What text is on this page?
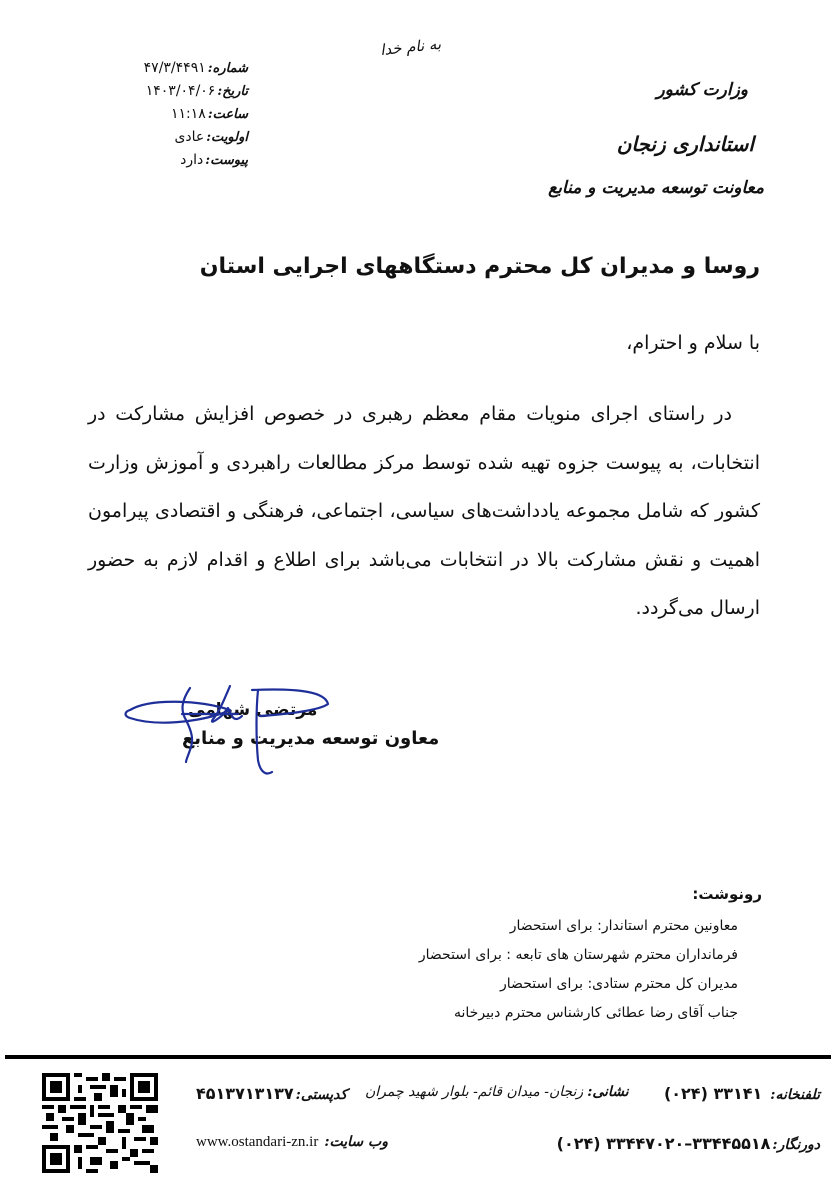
به نام خدا
وزارت کشور
استانداری زنجان
معاونت توسعه مدیریت و منابع
شماره:
۴۷/۳/۴۴۹۱
تاریخ:
۱۴۰۳/۰۴/۰۶
ساعت:
۱۱:۱۸
اولویت:
عادی
پیوست:
دارد
روسا و مدیران کل محترم دستگاههای اجرایی استان
با سلام و احترام،
در راستای اجرای منویات مقام معظم رهبری در خصوص افزایش مشارکت در انتخابات، به پیوست جزوه تهیه شده توسط مرکز مطالعات راهبردی و آموزش وزارت کشور که شامل مجموعه یادداشت‌های سیاسی، اجتماعی، فرهنگی و اقتصادی پیرامون اهمیت و نقش مشارکت بالا در انتخابات می‌باشد برای اطلاع و اقدام لازم به حضور ارسال می‌گردد.
مرتضی شهامی
معاون توسعه مدیریت و منابع
رونوشت:
معاونین محترم استاندار: برای استحضار
فرمانداران محترم شهرستان های تابعه : برای استحضار
مدیران کل محترم ستادی: برای استحضار
جناب آقای رضا عطائی کارشناس محترم دبیرخانه
تلفنخانه:
۳۳۱۴۱ (۰۲۴)
دورنگار:
۳۳۴۴۵۵۱۸–۳۳۴۴۷۰۲۰ (۰۲۴)
نشانی:
زنجان- میدان قائم- بلوار شهید چمران
کدپستی:
۴۵۱۳۷۱۳۱۳۷
وب سایت:
www.ostandari-zn.ir
